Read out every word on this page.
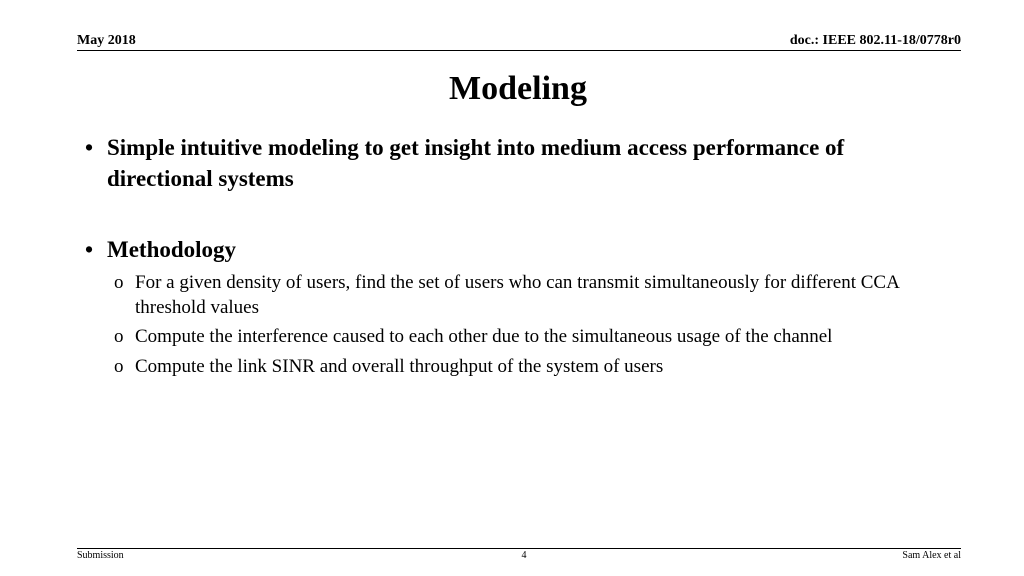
May 2018	doc.: IEEE 802.11-18/0778r0
Modeling
• Simple intuitive modeling to get insight into medium access performance of directional systems
• Methodology
o For a given density of users, find the set of users who can transmit simultaneously for different CCA threshold values
o Compute the interference caused to each other due to the simultaneous usage of the channel
o Compute the link SINR and overall throughput of the system of users
Submission	4	Sam Alex et al
